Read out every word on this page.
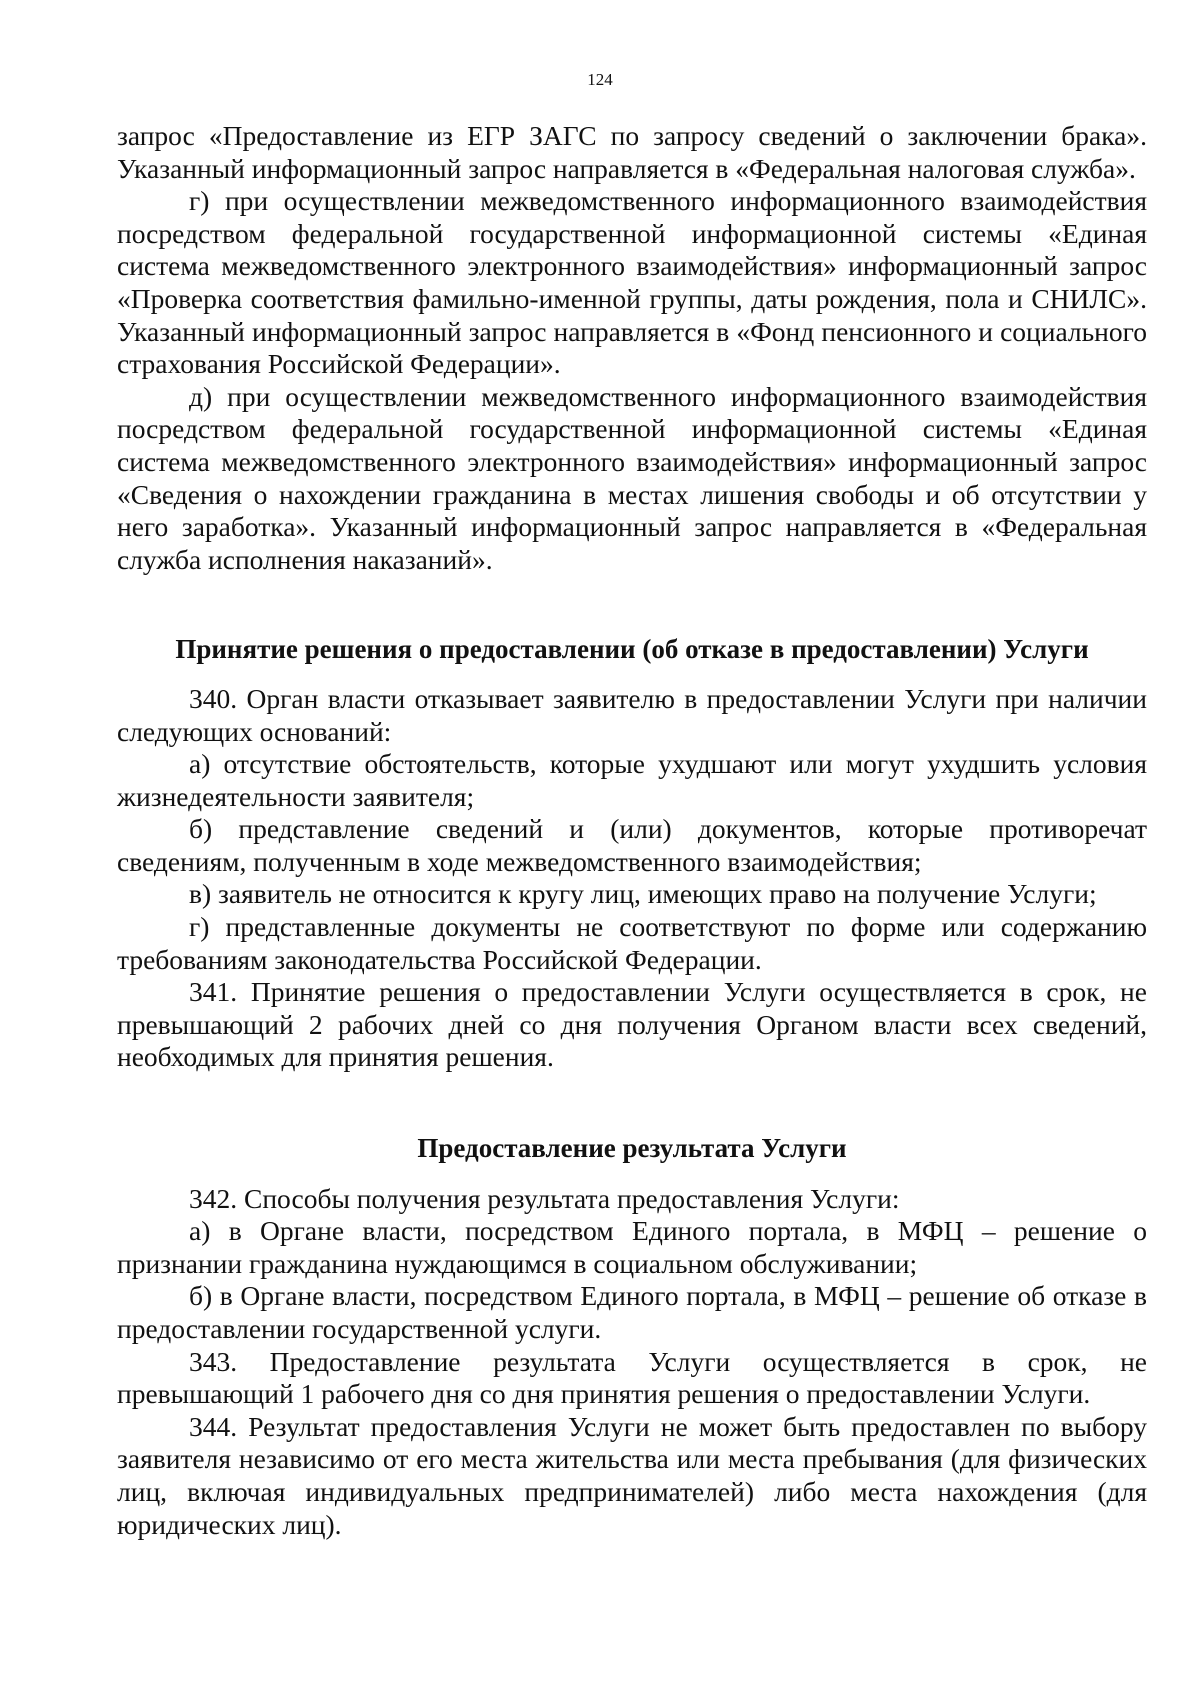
124

запрос «Предоставление из ЕГР ЗАГС по запросу сведений о заключении брака». Указанный информационный запрос направляется в «Федеральная налоговая служба».

г) при осуществлении межведомственного информационного взаимодействия посредством федеральной государственной информационной системы «Единая система межведомственного электронного взаимодействия» информационный запрос «Проверка соответствия фамильно-именной группы, даты рождения, пола и СНИЛС». Указанный информационный запрос направляется в «Фонд пенсионного и социального страхования Российской Федерации».

д) при осуществлении межведомственного информационного взаимодействия посредством федеральной государственной информационной системы «Единая система межведомственного электронного взаимодействия» информационный запрос «Сведения о нахождении гражданина в местах лишения свободы и об отсутствии у него заработка». Указанный информационный запрос направляется в «Федеральная служба исполнения наказаний».

Принятие решения о предоставлении (об отказе в предоставлении) Услуги

340. Орган власти отказывает заявителю в предоставлении Услуги при наличии следующих оснований:

а) отсутствие обстоятельств, которые ухудшают или могут ухудшить условия жизнедеятельности заявителя;

б) представление сведений и (или) документов, которые противоречат сведениям, полученным в ходе межведомственного взаимодействия;

в) заявитель не относится к кругу лиц, имеющих право на получение Услуги;

г) представленные документы не соответствуют по форме или содержанию требованиям законодательства Российской Федерации.

341. Принятие решения о предоставлении Услуги осуществляется в срок, не превышающий 2 рабочих дней со дня получения Органом власти всех сведений, необходимых для принятия решения.

Предоставление результата Услуги

342. Способы получения результата предоставления Услуги:

а) в Органе власти, посредством Единого портала, в МФЦ – решение о признании гражданина нуждающимся в социальном обслуживании;

б) в Органе власти, посредством Единого портала, в МФЦ – решение об отказе в предоставлении государственной услуги.

343. Предоставление результата Услуги осуществляется в срок, не превышающий 1 рабочего дня со дня принятия решения о предоставлении Услуги.

344. Результат предоставления Услуги не может быть предоставлен по выбору заявителя независимо от его места жительства или места пребывания (для физических лиц, включая индивидуальных предпринимателей) либо места нахождения (для юридических лиц).
